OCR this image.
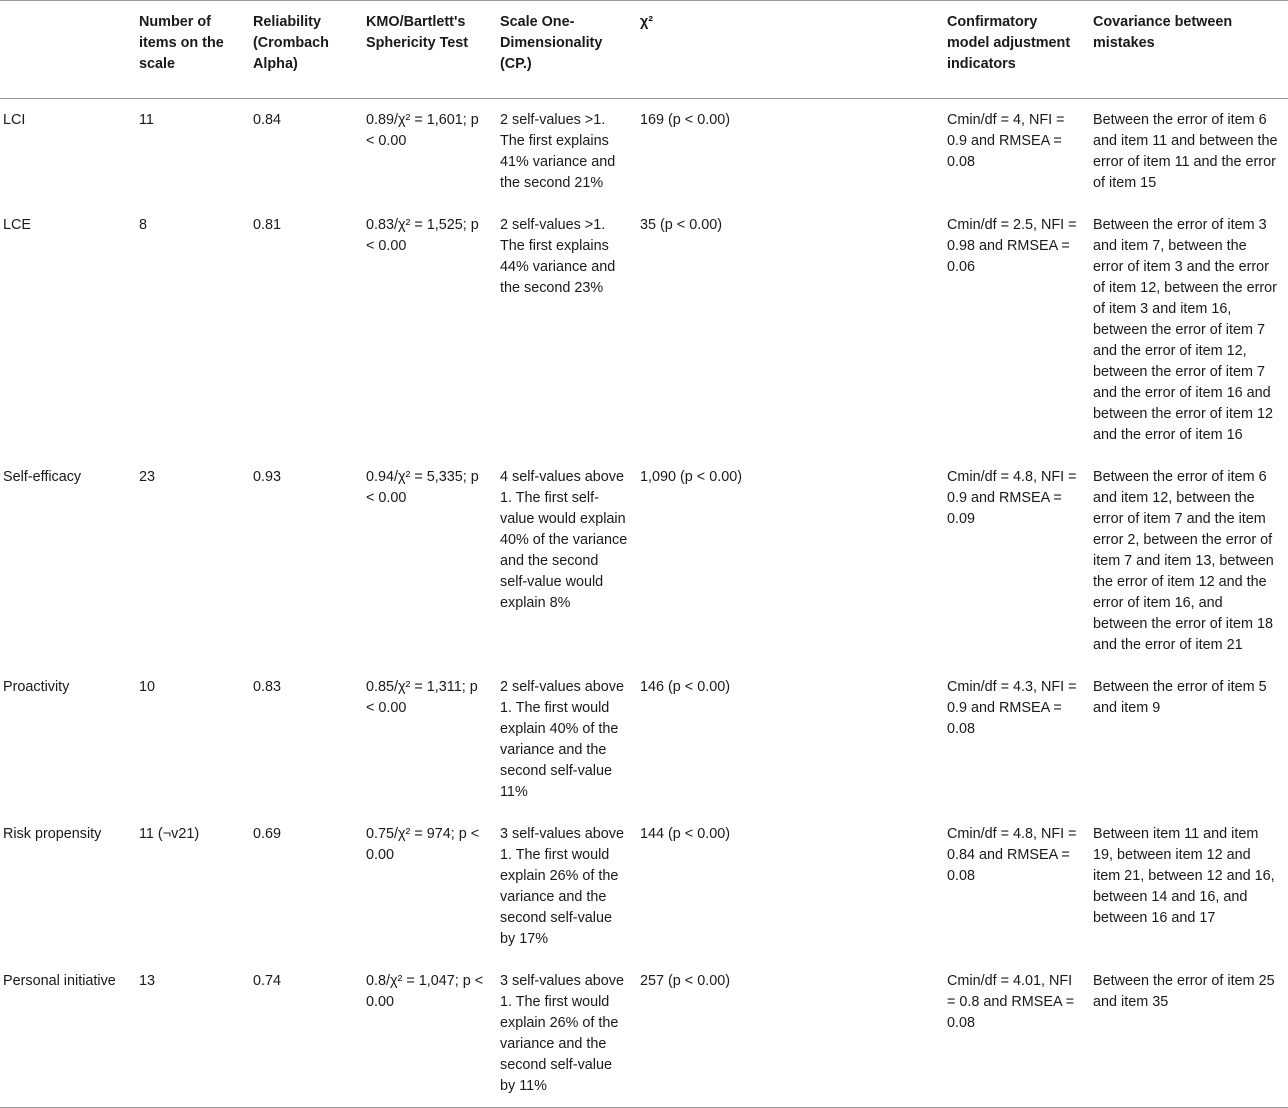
	Number of items on the scale	Reliability (Crombach Alpha)	KMO/Bartlett's Sphericity Test	Scale One-Dimensionality (CP.)	χ²	Confirmatory model adjustment indicators	Covariance between mistakes
LCI	11	0.84	0.89/χ² = 1,601; p < 0.00	2 self-values >1. The first explains 41% variance and the second 21%	169 (p < 0.00)	Cmin/df = 4, NFI = 0.9 and RMSEA = 0.08	Between the error of item 6 and item 11 and between the error of item 11 and the error of item 15
LCE	8	0.81	0.83/χ² = 1,525; p < 0.00	2 self-values >1. The first explains 44% variance and the second 23%	35 (p < 0.00)	Cmin/df = 2.5, NFI = 0.98 and RMSEA = 0.06	Between the error of item 3 and item 7, between the error of item 3 and the error of item 12, between the error of item 3 and item 16, between the error of item 7 and the error of item 12, between the error of item 7 and the error of item 16 and between the error of item 12 and the error of item 16
Self-efficacy	23	0.93	0.94/χ² = 5,335; p < 0.00	4 self-values above 1. The first self-value would explain 40% of the variance and the second self-value would explain 8%	1,090 (p < 0.00)	Cmin/df = 4.8, NFI = 0.9 and RMSEA = 0.09	Between the error of item 6 and item 12, between the error of item 7 and the item error 2, between the error of item 7 and item 13, between the error of item 12 and the error of item 16, and between the error of item 18 and the error of item 21
Proactivity	10	0.83	0.85/χ² = 1,311; p < 0.00	2 self-values above 1. The first would explain 40% of the variance and the second self-value 11%	146 (p < 0.00)	Cmin/df = 4.3, NFI = 0.9 and RMSEA = 0.08	Between the error of item 5 and item 9
Risk propensity	11 (¬v21)	0.69	0.75/χ² = 974; p < 0.00	3 self-values above 1. The first would explain 26% of the variance and the second self-value by 17%	144 (p < 0.00)	Cmin/df = 4.8, NFI = 0.84 and RMSEA = 0.08	Between item 11 and item 19, between item 12 and item 21, between 12 and 16, between 14 and 16, and between 16 and 17
Personal initiative	13	0.74	0.8/χ² = 1,047; p < 0.00	3 self-values above 1. The first would explain 26% of the variance and the second self-value by 11%	257 (p < 0.00)	Cmin/df = 4.01, NFI = 0.8 and RMSEA = 0.08	Between the error of item 25 and item 35
